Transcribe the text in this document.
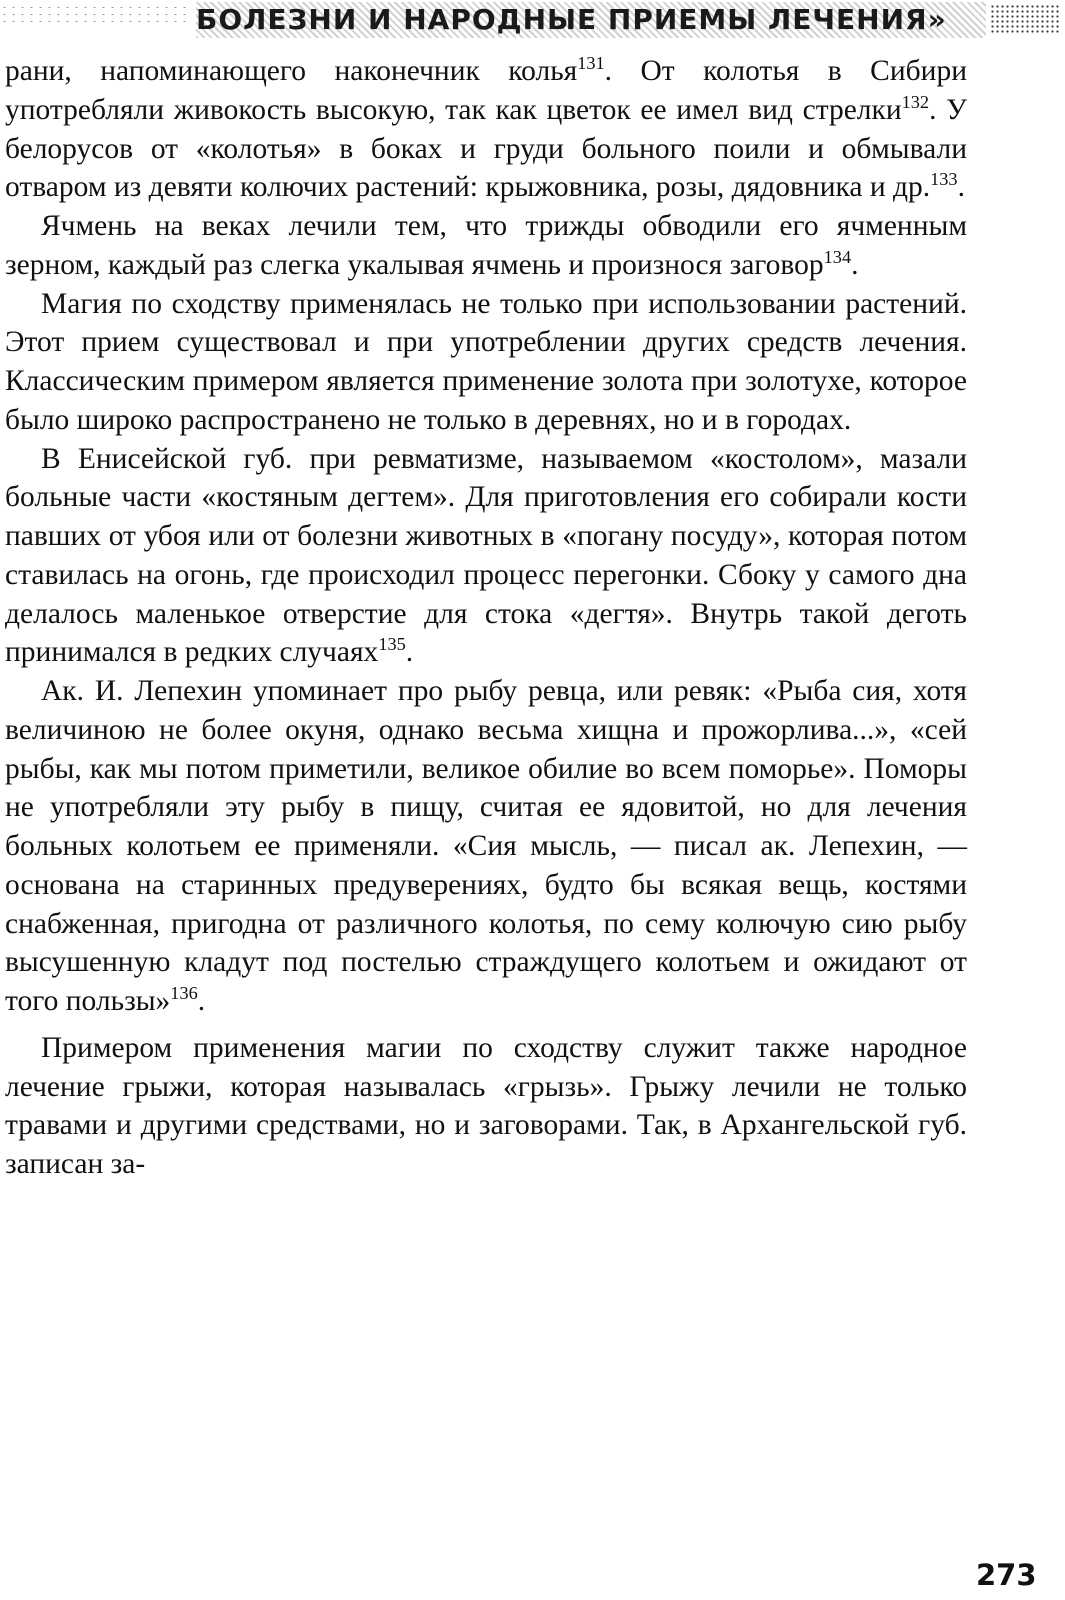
БОЛЕЗНИ И НАРОДНЫЕ ПРИЕМЫ ЛЕЧЕНИЯ»

рани, напоминающего наконечник колья$^{131}$. От колотья в Сибири употребляли живокость высокую, так как цветок ее имел вид стрелки$^{132}$. У белорусов от «колотья» в боках и груди больного поили и обмывали отваром из девяти колючих растений: крыжовника, розы, дядовника и др.$^{133}$.

Ячмень на веках лечили тем, что трижды обводили его ячменным зерном, каждый раз слегка укалывая ячмень и произнося заговор$^{134}$.

Магия по сходству применялась не только при использовании растений. Этот прием существовал и при употреблении других средств лечения. Классическим примером является применение золота при золотухе, которое было широко распространено не только в деревнях, но и в городах.

В Енисейской губ. при ревматизме, называемом «костолом», мазали больные части «костяным дегтем». Для приготовления его собирали кости павших от убоя или от болезни животных в «погану посуду», которая потом ставилась на огонь, где происходил процесс перегонки. Сбоку у самого дна делалось маленькое отверстие для стока «дегтя». Внутрь такой деготь принимался в редких случаях$^{135}$.

Ак. И. Лепехин упоминает про рыбу ревца, или ревяк: «Рыба сия, хотя величиною не более окуня, однако весьма хищна и прожорлива...», «сей рыбы, как мы потом приметили, великое обилие во всем поморье». Поморы не употребляли эту рыбу в пищу, считая ее ядовитой, но для лечения больных колотьем ее применяли. «Сия мысль, — писал ак. Лепехин, — основана на старинных предуверениях, будто бы всякая вещь, костями снабженная, пригодна от различного колотья, по сему колючую сию рыбу высушенную кладут под постелью страждущего колотьем и ожидают от того пользы»$^{136}$.

Примером применения магии по сходству служит также народное лечение грыжи, которая называлась «грызь». Грыжу лечили не только травами и другими средствами, но и заговорами. Так, в Архангельской губ. записан за-

273
